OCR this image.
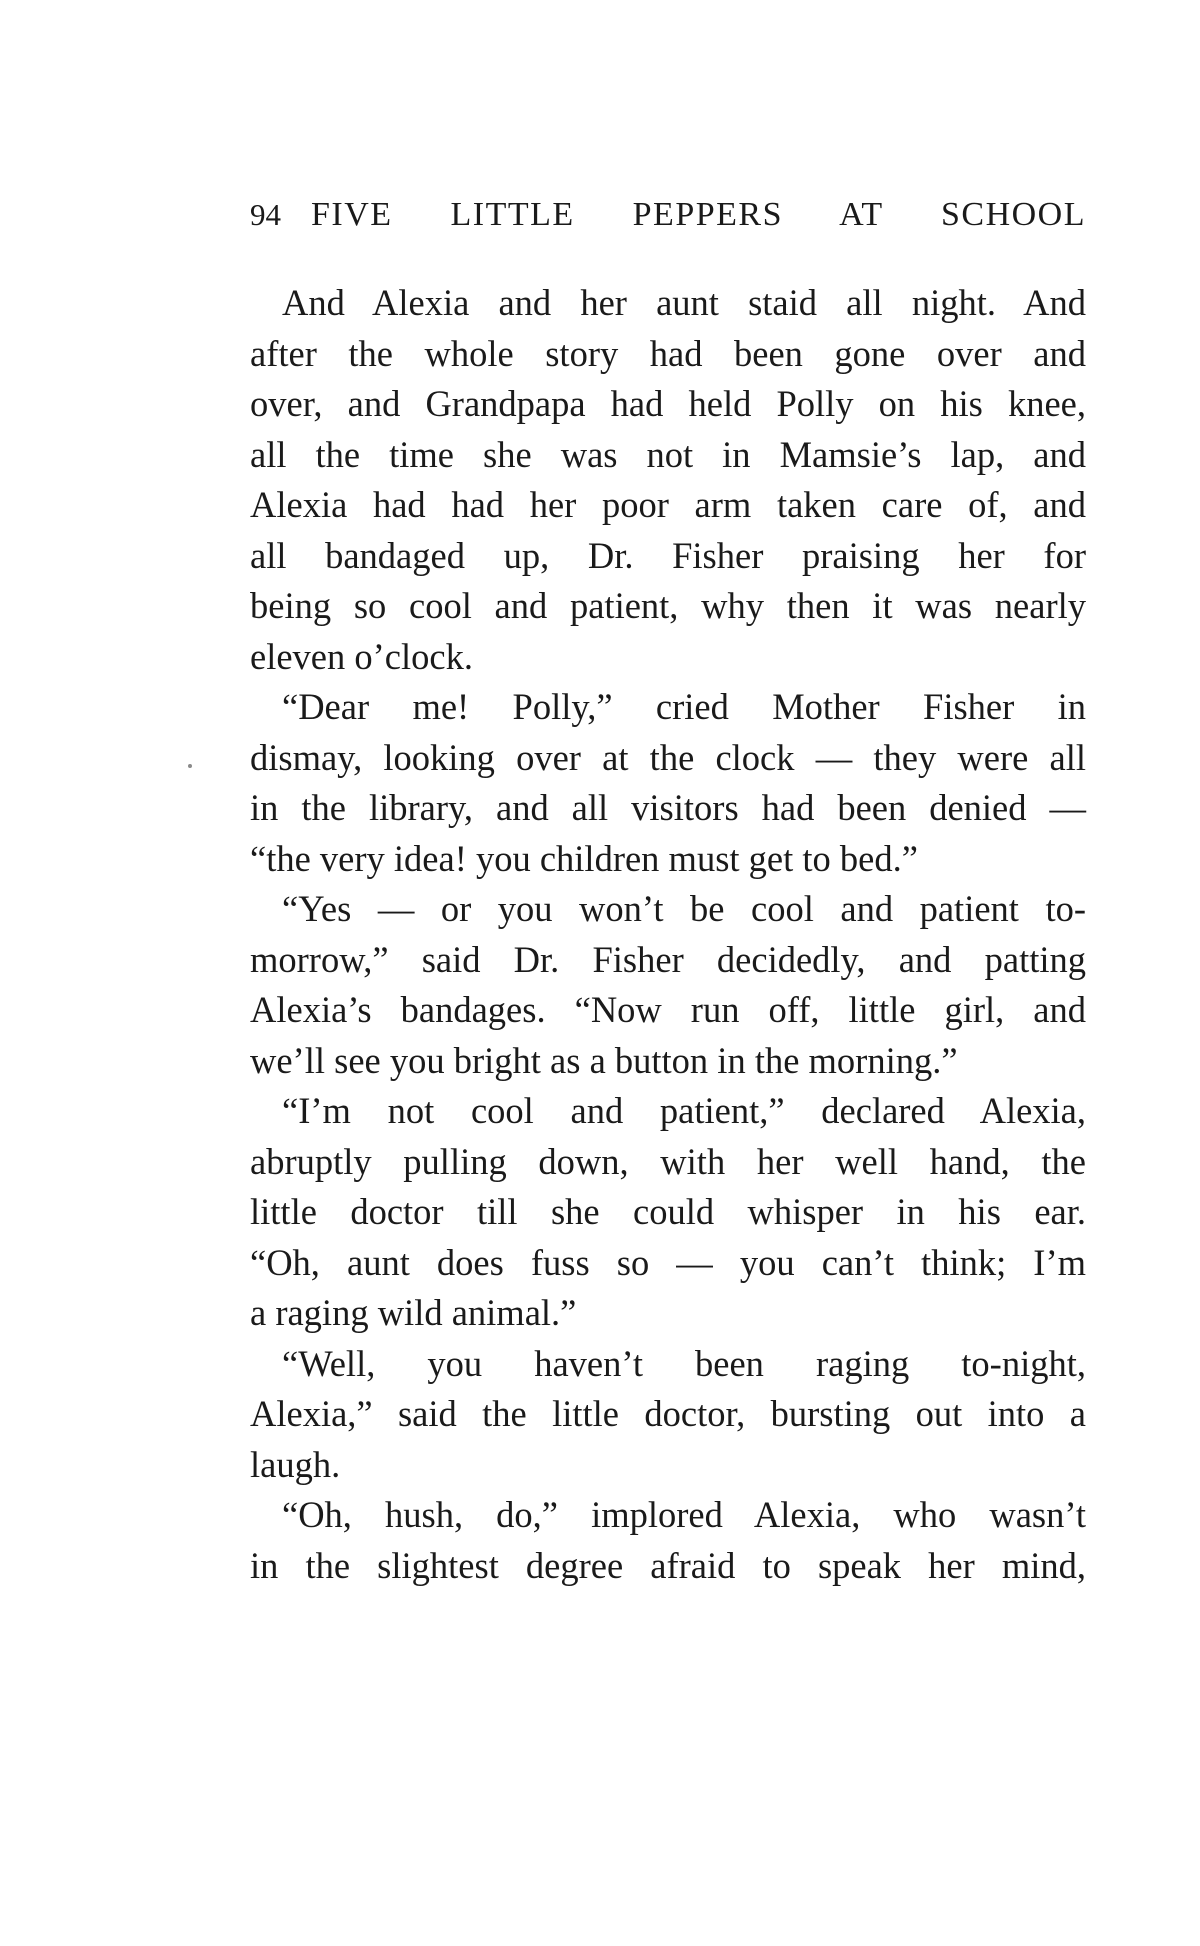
94 FIVE LITTLE PEPPERS AT SCHOOL
And Alexia and her aunt staid all night. And
after the whole story had been gone over and
over, and Grandpapa had held Polly on his knee,
all the time she was not in Mamsie’s lap, and
Alexia had had her poor arm taken care of, and
all bandaged up, Dr. Fisher praising her for
being so cool and patient, why then it was nearly
eleven o’clock.
“Dear me! Polly,” cried Mother Fisher in
dismay, looking over at the clock — they were all
in the library, and all visitors had been denied —
“the very idea! you children must get to bed.”
“Yes — or you won’t be cool and patient to-
morrow,” said Dr. Fisher decidedly, and patting
Alexia’s bandages. “Now run off, little girl, and
we’ll see you bright as a button in the morning.”
“I’m not cool and patient,” declared Alexia,
abruptly pulling down, with her well hand, the
little doctor till she could whisper in his ear.
“Oh, aunt does fuss so — you can’t think; I’m
a raging wild animal.”
“Well, you haven’t been raging to-night,
Alexia,” said the little doctor, bursting out into a
laugh.
“Oh, hush, do,” implored Alexia, who wasn’t
in the slightest degree afraid to speak her mind,
